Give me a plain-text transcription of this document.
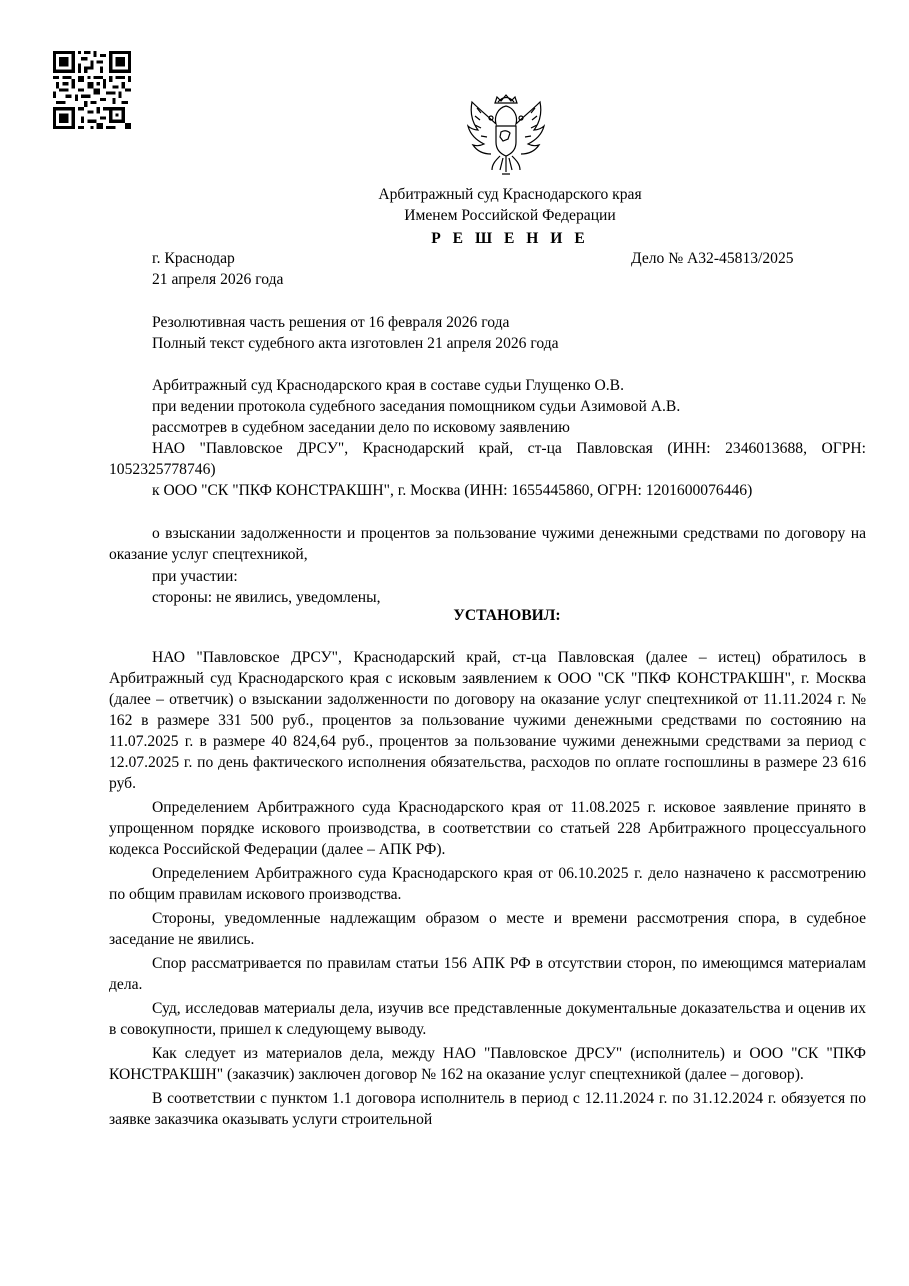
Арбитражный суд Краснодарского края
Именем Российской Федерации
Р Е Ш Е Н И Е
г. Краснодар	Дело № А32-45813/2025
21 апреля 2026 года
Резолютивная часть решения от 16 февраля 2026 года
Полный текст судебного акта изготовлен 21 апреля 2026 года
Арбитражный суд Краснодарского края в составе судьи Глущенко О.В.
при ведении протокола судебного заседания помощником судьи Азимовой А.В.
рассмотрев в судебном заседании дело по исковому заявлению
НАО "Павловское ДРСУ", Краснодарский край, ст-ца Павловская (ИНН: 2346013688, ОГРН: 1052325778746)
к ООО "СК "ПКФ КОНСТРАКШН", г. Москва (ИНН: 1655445860, ОГРН: 1201600076446)
о взыскании задолженности и процентов за пользование чужими денежными средствами по договору на оказание услуг спецтехникой,
при участии:
стороны: не явились, уведомлены,
УСТАНОВИЛ:

НАО "Павловское ДРСУ", Краснодарский край, ст-ца Павловская (далее – истец) обратилось в Арбитражный суд Краснодарского края с исковым заявлением к ООО "СК "ПКФ КОНСТРАКШН", г. Москва (далее – ответчик) о взыскании задолженности по договору на оказание услуг спецтехникой от 11.11.2024 г. № 162 в размере 331 500 руб., процентов за пользование чужими денежными средствами по состоянию на 11.07.2025 г. в размере 40 824,64 руб., процентов за пользование чужими денежными средствами за период с 12.07.2025 г. по день фактического исполнения обязательства, расходов по оплате госпошлины в размере 23 616 руб.

Определением Арбитражного суда Краснодарского края от 11.08.2025 г. исковое заявление принято в упрощенном порядке искового производства, в соответствии со статьей 228 Арбитражного процессуального кодекса Российской Федерации (далее – АПК РФ).

Определением Арбитражного суда Краснодарского края от 06.10.2025 г. дело назначено к рассмотрению по общим правилам искового производства.

Стороны, уведомленные надлежащим образом о месте и времени рассмотрения спора, в судебное заседание не явились.

Спор рассматривается по правилам статьи 156 АПК РФ в отсутствии сторон, по имеющимся материалам дела.

Суд, исследовав материалы дела, изучив все представленные документальные доказательства и оценив их в совокупности, пришел к следующему выводу.

Как следует из материалов дела, между НАО "Павловское ДРСУ" (исполнитель) и ООО "СК "ПКФ КОНСТРАКШН" (заказчик) заключен договор № 162 на оказание услуг спецтехникой (далее – договор).

В соответствии с пунктом 1.1 договора исполнитель в период с 12.11.2024 г. по 31.12.2024 г. обязуется по заявке заказчика оказывать услуги строительной
